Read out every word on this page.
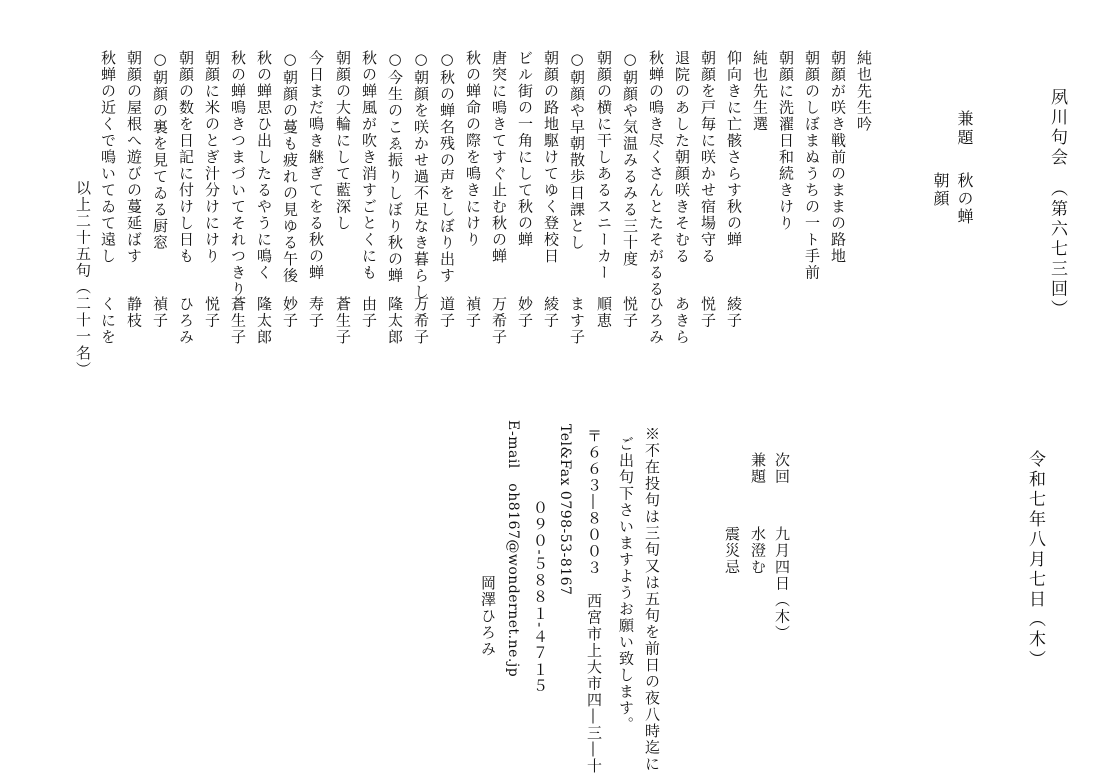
夙川句会　（第六七三回）
令和七年八月七日（木）
兼題
秋の蝉
朝顔
純也先生吟
朝顔が咲き戦前のままの路地
朝顔のしぼまぬうちの一ト手前
朝顔に洗濯日和続きけり
純也先生選
仰向きに亡骸さらす秋の蝉
綾子
朝顔を戸毎に咲かせ宿場守る
悦子
退院のあした朝顔咲きそむる
あきら
秋蝉の鳴き尽くさんとたそがるる
ひろみ
○朝顔や気温みるみる三十度
悦子
朝顔の横に干しあるスニーカー
順恵
○朝顔や早朝散歩日課とし
ます子
朝顔の路地駆けてゆく登校日
綾子
ビル街の一角にして秋の蝉
妙子
唐突に鳴きてすぐ止む秋の蝉
万希子
秋の蝉命の際を鳴きにけり
禎子
○秋の蝉名残の声をしぼり出す
道子
○朝顔を咲かせ過不足なき暮らし
万希子
○今生のこゑ振りしぼり秋の蝉
隆太郎
秋の蝉風が吹き消すごとくにも
由子
朝顔の大輪にして藍深し
蒼生子
今日まだ鳴き継ぎてをる秋の蝉
寿子
○朝顔の蔓も疲れの見ゆる午後
妙子
秋の蝉思ひ出したるやうに鳴く
隆太郎
秋の蝉鳴きつまづいてそれつきり
蒼生子
朝顔に米のとぎ汁分けにけり
悦子
朝顔の数を日記に付けし日も
ひろみ
○朝顔の裏を見てゐる厨窓
禎子
朝顔の屋根へ遊びの蔓延ばす
静枝
秋蝉の近くで鳴いてゐて遠し
くにを
以上二十五句（二十一名）
次回
九月四日（木）
兼題
水澄む
震災忌
※不在投句は三句又は五句を前日の夜八時迄に
ご出句下さいますようお願い致します。
〒６６３―８００３　西宮市上大市四―三―十
Tel&Fax 0798-53-8167
０９０-５８８１-４７１５
E-mail　oh8167@wondernet.ne.jp
岡澤ひろみ
